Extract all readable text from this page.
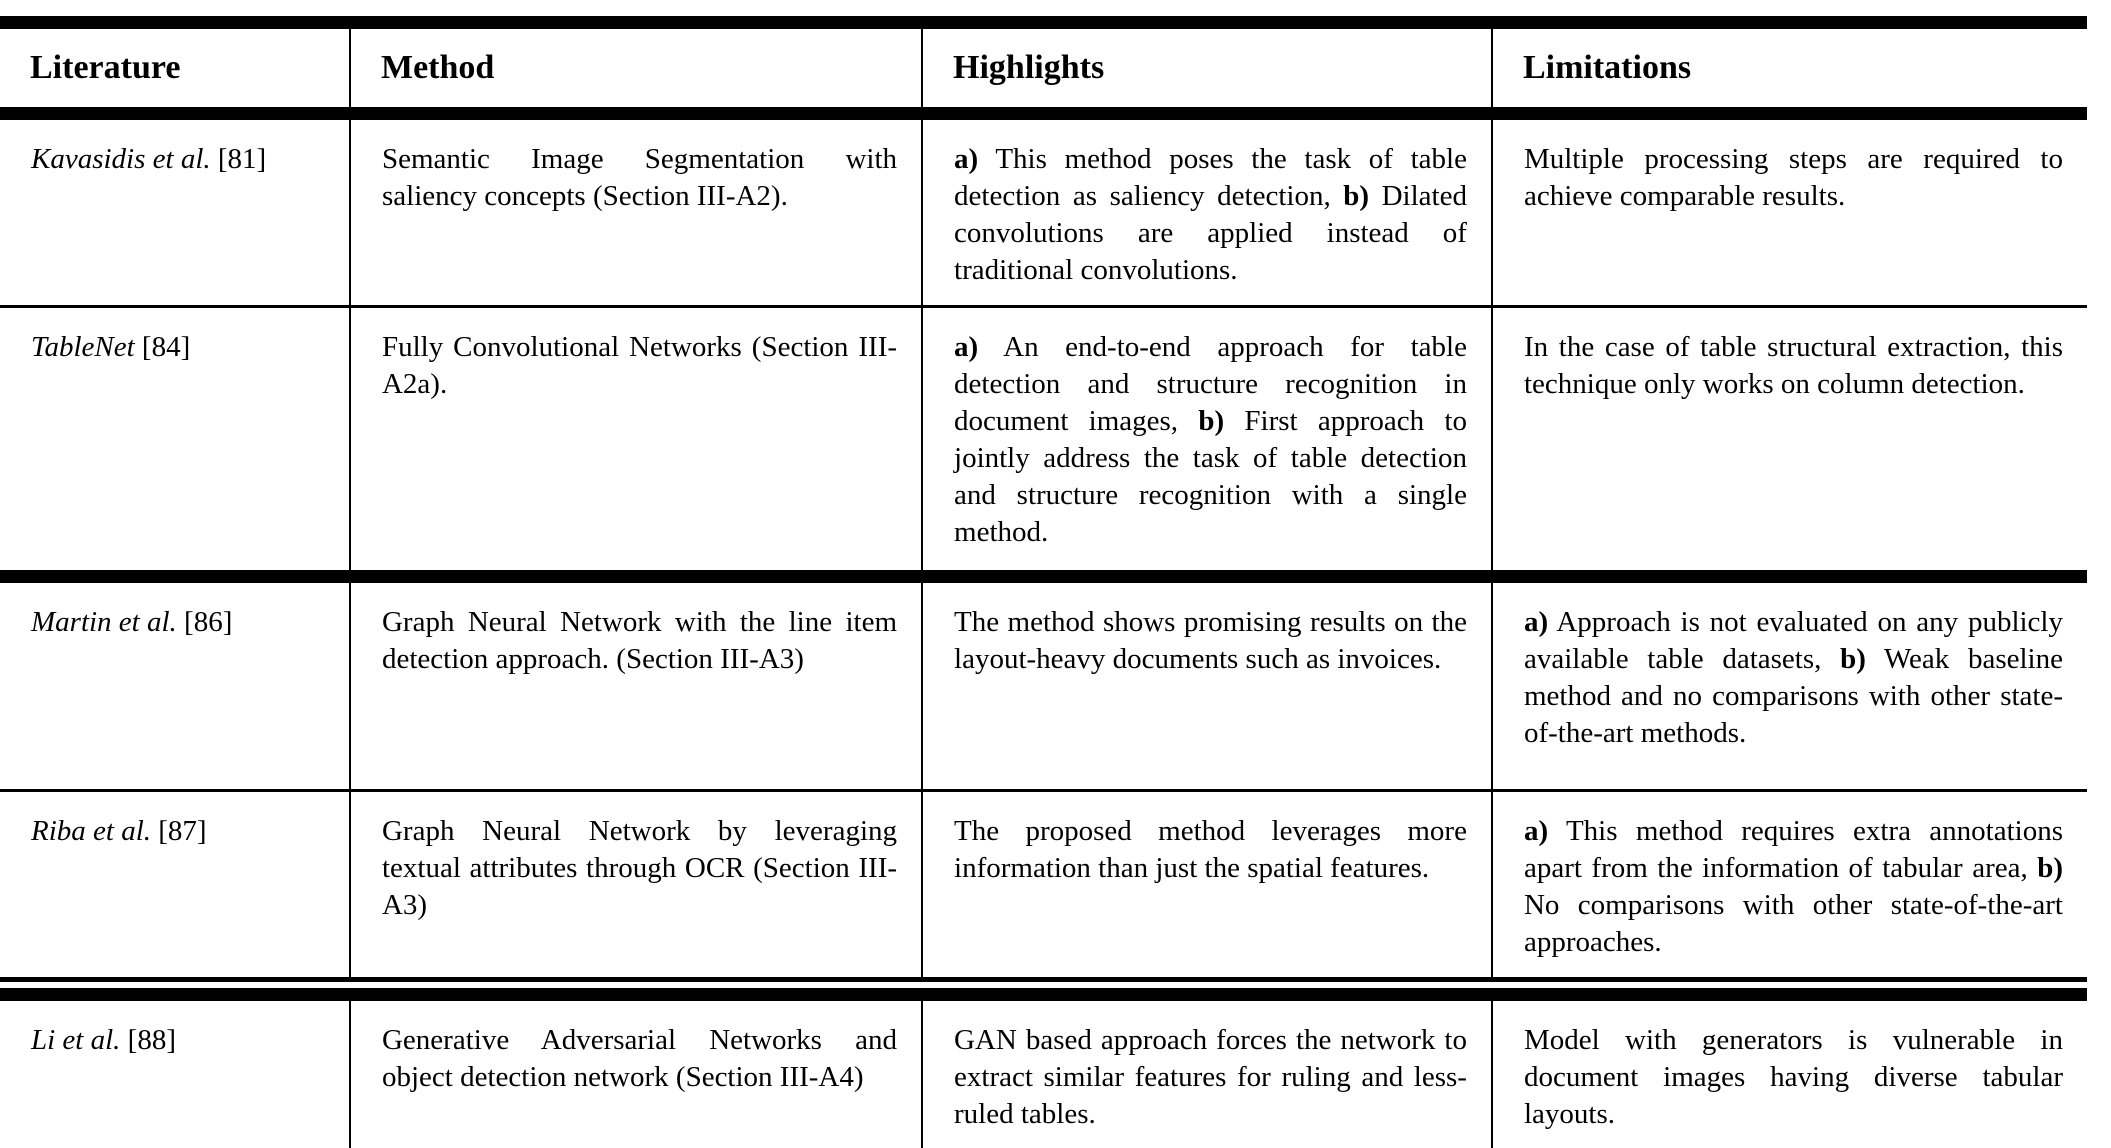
Literature	Method	Highlights	Limitations

Kavasidis et al. [81]	Semantic Image Segmentation with saliency concepts (Section III-A2).	a) This method poses the task of table detection as saliency detection, b) Dilated convolutions are applied instead of traditional convolutions.	Multiple processing steps are required to achieve comparable results.

TableNet [84]	Fully Convolutional Networks (Section III-A2a).	a) An end-to-end approach for table detection and structure recognition in document images, b) First approach to jointly address the task of table detection and structure recognition with a single method.	In the case of table structural extraction, this technique only works on column detection.

Martin et al. [86]	Graph Neural Network with the line item detection approach. (Section III-A3)	The method shows promising results on the layout-heavy documents such as invoices.	a) Approach is not evaluated on any publicly available table datasets, b) Weak baseline method and no comparisons with other state-of-the-art methods.

Riba et al. [87]	Graph Neural Network by leveraging textual attributes through OCR (Section III-A3)	The proposed method leverages more information than just the spatial features.	a) This method requires extra annotations apart from the information of tabular area, b) No comparisons with other state-of-the-art approaches.

Li et al. [88]	Generative Adversarial Networks and object detection network (Section III-A4)	GAN based approach forces the network to extract similar features for ruling and less-ruled tables.	Model with generators is vulnerable in document images having diverse tabular layouts.
